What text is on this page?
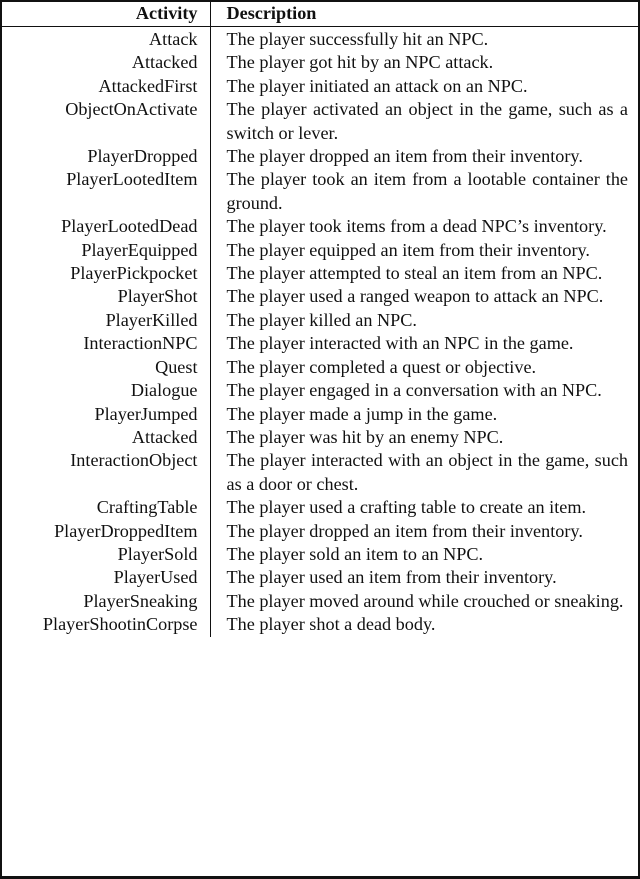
Activity	Description
Attack	The player successfully hit an NPC.
Attacked	The player got hit by an NPC attack.
AttackedFirst	The player initiated an attack on an NPC.
ObjectOnActivate	The player activated an object in the game, such as a switch or lever.
PlayerDropped	The player dropped an item from their inventory.
PlayerLootedItem	The player took an item from a lootable container the ground.
PlayerLootedDead	The player took items from a dead NPC’s inventory.
PlayerEquipped	The player equipped an item from their inventory.
PlayerPickpocket	The player attempted to steal an item from an NPC.
PlayerShot	The player used a ranged weapon to attack an NPC.
PlayerKilled	The player killed an NPC.
InteractionNPC	The player interacted with an NPC in the game.
Quest	The player completed a quest or objective.
Dialogue	The player engaged in a conversation with an NPC.
PlayerJumped	The player made a jump in the game.
Attacked	The player was hit by an enemy NPC.
InteractionObject	The player interacted with an object in the game, such as a door or chest.
CraftingTable	The player used a crafting table to create an item.
PlayerDroppedItem	The player dropped an item from their inventory.
PlayerSold	The player sold an item to an NPC.
PlayerUsed	The player used an item from their inventory.
PlayerSneaking	The player moved around while crouched or sneaking.
PlayerShootinCorpse	The player shot a dead body.
